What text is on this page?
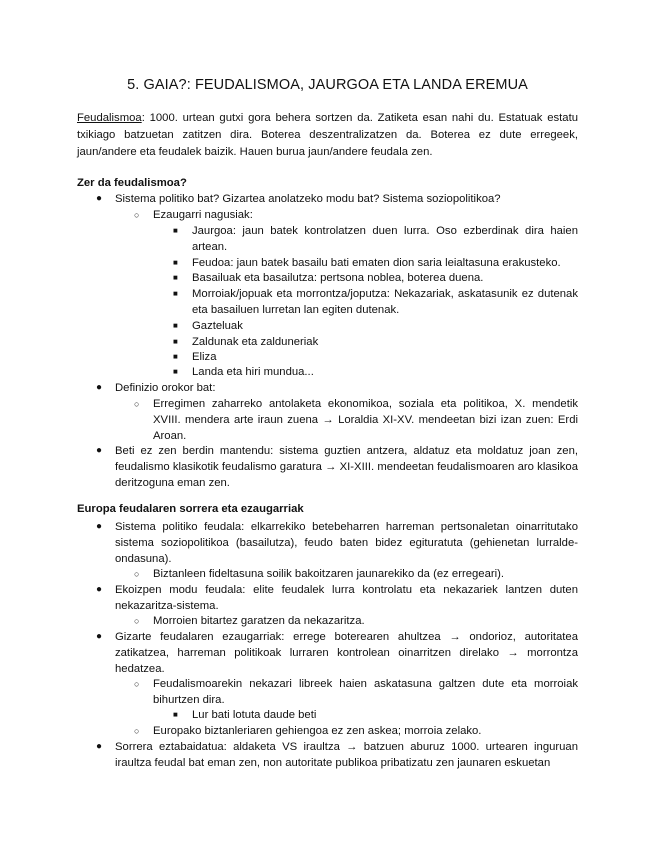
5. GAIA?: FEUDALISMOA, JAURGOA ETA LANDA EREMUA
Feudalismoa: 1000. urtean gutxi gora behera sortzen da. Zatiketa esan nahi du. Estatuak estatu txikiago batzuetan zatitzen dira. Boterea deszentralizatzen da. Boterea ez dute erregeek, jaun/andere eta feudalek baizik. Hauen burua jaun/andere feudala zen.
Zer da feudalismoa?
● Sistema politiko bat? Gizartea anolatzeko modu bat? Sistema soziopolitikoa?
○ Ezaugarri nagusiak:
■ Jaurgoa: jaun batek kontrolatzen duen lurra. Oso ezberdinak dira haien artean.
■ Feudoa: jaun batek basailu bati ematen dion saria leialtasuna erakusteko.
■ Basailuak eta basailutza: pertsona noblea, boterea duena.
■ Morroiak/jopuak eta morrontza/joputza: Nekazariak, askatasunik ez dutenak eta basailuen lurretan lan egiten dutenak.
■ Gazteluak
■ Zaldunak eta zalduneriak
■ Eliza
■ Landa eta hiri mundua...
● Definizio orokor bat:
○ Erregimen zaharreko antolaketa ekonomikoa, soziala eta politikoa, X. mendetik XVIII. mendera arte iraun zuena → Loraldia XI-XV. mendeetan bizi izan zuen: Erdi Aroan.
● Beti ez zen berdin mantendu: sistema guztien antzera, aldatuz eta moldatuz joan zen, feudalismo klasikotik feudalismo garatura → XI-XIII. mendeetan feudalismoaren aro klasikoa deritzoguna eman zen.
Europa feudalaren sorrera eta ezaugarriak
● Sistema politiko feudala: elkarrekiko betebeharren harreman pertsonaletan oinarritutako sistema soziopolitikoa (basailutza), feudo baten bidez egituratuta (gehienetan lurralde-ondasuna).
○ Biztanleen fideltasuna soilik bakoitzaren jaunarekiko da (ez erregeari).
● Ekoizpen modu feudala: elite feudalek lurra kontrolatu eta nekazariek lantzen duten nekazaritza-sistema.
○ Morroien bitartez garatzen da nekazaritza.
● Gizarte feudalaren ezaugarriak: errege boterearen ahultzea → ondorioz, autoritatea zatikatzea, harreman politikoak lurraren kontrolean oinarritzen direlako → morrontza hedatzea.
○ Feudalismoarekin nekazari libreek haien askatasuna galtzen dute eta morroiak bihurtzen dira.
■ Lur bati lotuta daude beti
○ Europako biztanleriaren gehiengoa ez zen askea; morroia zelako.
● Sorrera eztabaidatua: aldaketa VS iraultza → batzuen aburuz 1000. urtearen inguruan iraultza feudal bat eman zen, non autoritate publikoa pribatizatu zen jaunaren eskuetan
